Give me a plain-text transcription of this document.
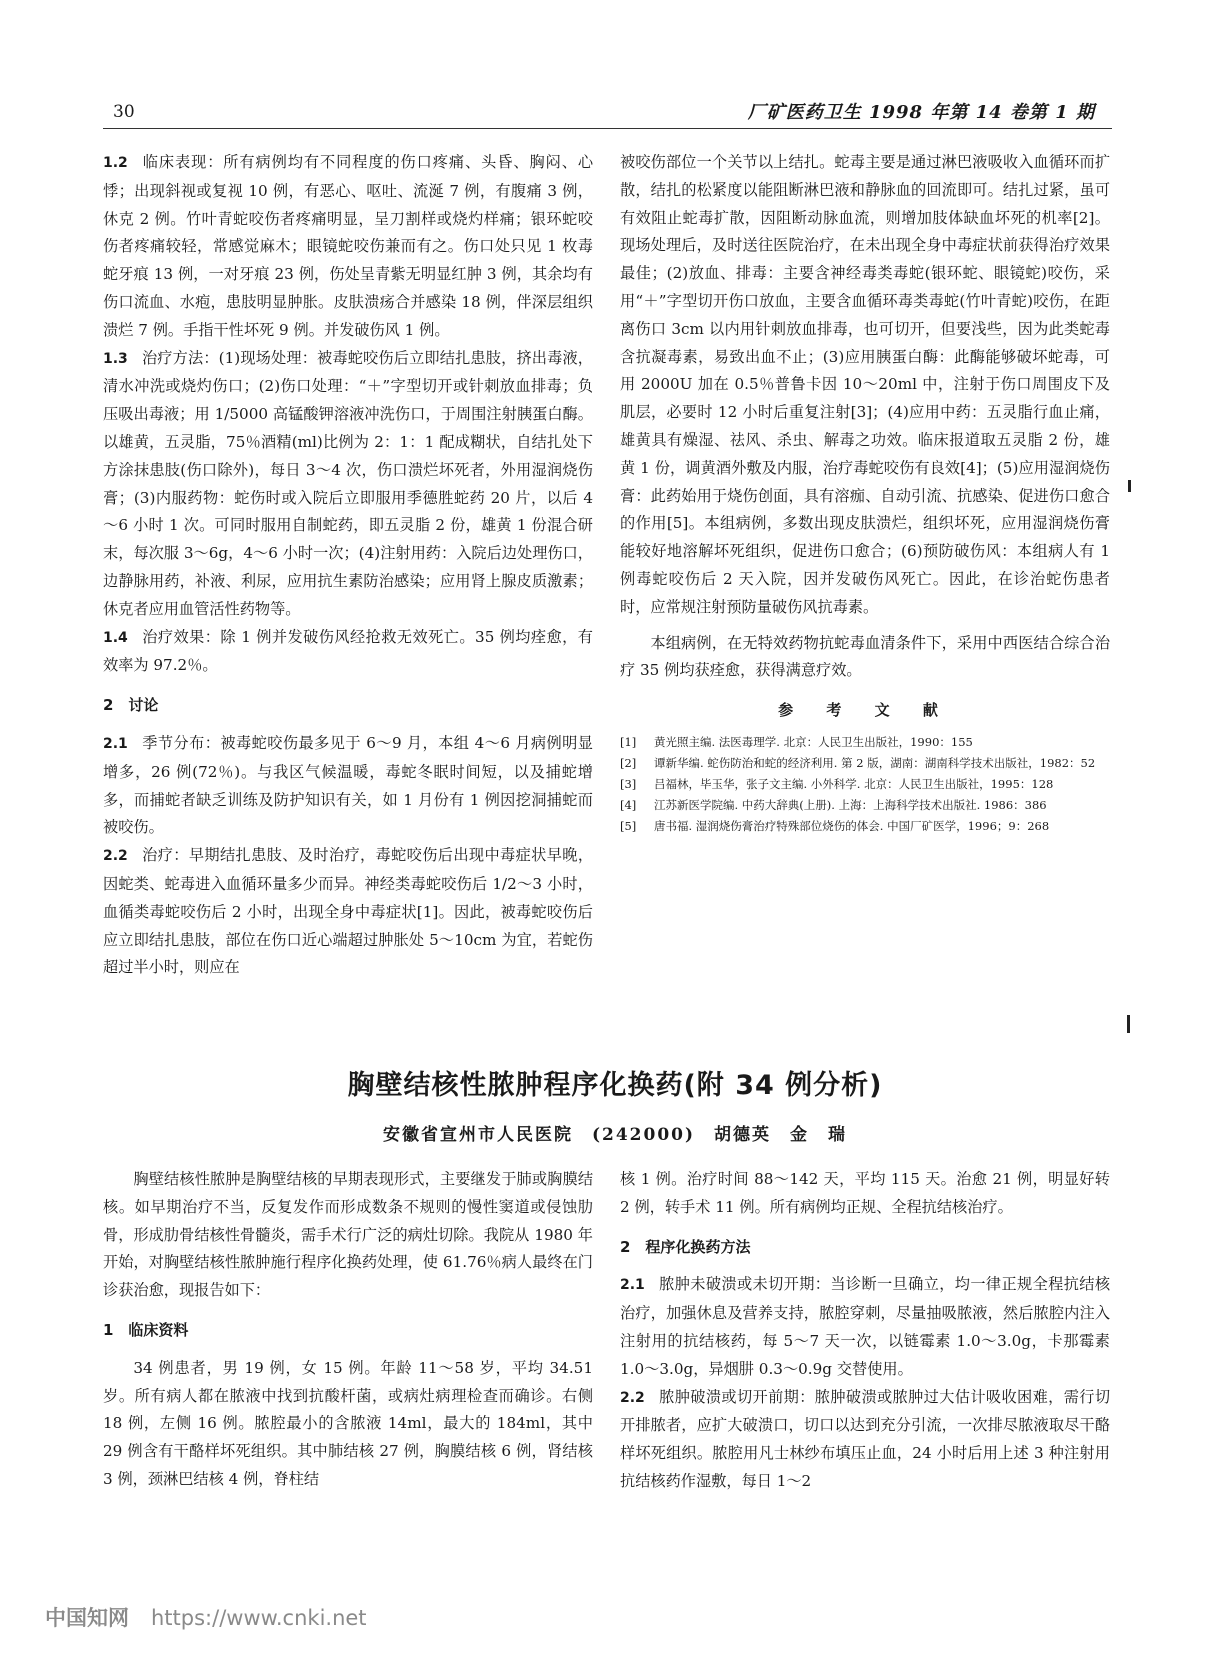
30	厂矿医药卫生 1998 年第 14 卷第 1 期

1.2 临床表现：所有病例均有不同程度的伤口疼痛、头昏、胸闷、心悸；出现斜视或复视 10 例，有恶心、呕吐、流涎 7 例，有腹痛 3 例，休克 2 例。竹叶青蛇咬伤者疼痛明显，呈刀割样或烧灼样痛；银环蛇咬伤者疼痛较轻，常感觉麻木；眼镜蛇咬伤兼而有之。伤口处只见 1 枚毒蛇牙痕 13 例，一对牙痕 23 例，伤处呈青紫无明显红肿 3 例，其余均有伤口流血、水疱，患肢明显肿胀。皮肤溃疡合并感染 18 例，伴深层组织溃烂 7 例。手指干性坏死 9 例。并发破伤风 1 例。

1.3 治疗方法：(1)现场处理：被毒蛇咬伤后立即结扎患肢，挤出毒液，清水冲洗或烧灼伤口；(2)伤口处理：“＋”字型切开或针刺放血排毒；负压吸出毒液；用 1/5000 高锰酸钾溶液冲洗伤口，于周围注射胰蛋白酶。以雄黄，五灵脂，75％酒精(ml)比例为 2：1：1 配成糊状，自结扎处下方涂抹患肢(伤口除外)，每日 3～4 次，伤口溃烂坏死者，外用湿润烧伤膏；(3)内服药物：蛇伤时或入院后立即服用季德胜蛇药 20 片，以后 4～6 小时 1 次。可同时服用自制蛇药，即五灵脂 2 份，雄黄 1 份混合研末，每次服 3～6g，4～6 小时一次；(4)注射用药：入院后边处理伤口，边静脉用药，补液、利尿，应用抗生素防治感染；应用肾上腺皮质激素；休克者应用血管活性药物等。

1.4 治疗效果：除 1 例并发破伤风经抢救无效死亡。35 例均痊愈，有效率为 97.2％。

2　讨论

2.1 季节分布：被毒蛇咬伤最多见于 6～9 月，本组 4～6 月病例明显增多，26 例(72％)。与我区气候温暖，毒蛇冬眠时间短，以及捕蛇增多，而捕蛇者缺乏训练及防护知识有关，如 1 月份有 1 例因挖洞捕蛇而被咬伤。

2.2 治疗：早期结扎患肢、及时治疗，毒蛇咬伤后出现中毒症状早晚，因蛇类、蛇毒进入血循环量多少而异。神经类毒蛇咬伤后 1/2～3 小时，血循类毒蛇咬伤后 2 小时，出现全身中毒症状[1]。因此，被毒蛇咬伤后应立即结扎患肢，部位在伤口近心端超过肿胀处 5～10cm 为宜，若蛇伤超过半小时，则应在

被咬伤部位一个关节以上结扎。蛇毒主要是通过淋巴液吸收入血循环而扩散，结扎的松紧度以能阻断淋巴液和静脉血的回流即可。结扎过紧，虽可有效阻止蛇毒扩散，因阻断动脉血流，则增加肢体缺血坏死的机率[2]。现场处理后，及时送往医院治疗，在未出现全身中毒症状前获得治疗效果最佳；(2)放血、排毒：主要含神经毒类毒蛇(银环蛇、眼镜蛇)咬伤，采用“＋”字型切开伤口放血，主要含血循环毒类毒蛇(竹叶青蛇)咬伤，在距离伤口 3cm 以内用针刺放血排毒，也可切开，但要浅些，因为此类蛇毒含抗凝毒素，易致出血不止；(3)应用胰蛋白酶：此酶能够破坏蛇毒，可用 2000U 加在 0.5％普鲁卡因 10～20ml 中，注射于伤口周围皮下及肌层，必要时 12 小时后重复注射[3]；(4)应用中药：五灵脂行血止痛，雄黄具有燥湿、祛风、杀虫、解毒之功效。临床报道取五灵脂 2 份，雄黄 1 份，调黄酒外敷及内服，治疗毒蛇咬伤有良效[4]；(5)应用湿润烧伤膏：此药始用于烧伤创面，具有溶痂、自动引流、抗感染、促进伤口愈合的作用[5]。本组病例，多数出现皮肤溃烂，组织坏死，应用湿润烧伤膏能较好地溶解坏死组织，促进伤口愈合；(6)预防破伤风：本组病人有 1 例毒蛇咬伤后 2 天入院，因并发破伤风死亡。因此，在诊治蛇伤患者时，应常规注射预防量破伤风抗毒素。

本组病例，在无特效药物抗蛇毒血清条件下，采用中西医结合综合治疗 35 例均获痊愈，获得满意疗效。

参 考 文 献
[1]	黄光照主编. 法医毒理学. 北京：人民卫生出版社，1990：155
[2]	谭新华编. 蛇伤防治和蛇的经济利用. 第 2 版，湖南：湖南科学技术出版社，1982：52
[3]	吕福林，毕玉华，张子文主编. 小外科学. 北京：人民卫生出版社，1995：128
[4]	江苏新医学院编. 中药大辞典(上册). 上海：上海科学技术出版社. 1986：386
[5]	唐书福. 湿润烧伤膏治疗特殊部位烧伤的体会. 中国厂矿医学，1996；9：268
胸壁结核性脓肿程序化换药(附 34 例分析)
安徽省宣州市人民医院　(242000)　胡德英　金　瑞

胸壁结核性脓肿是胸壁结核的早期表现形式，主要继发于肺或胸膜结核。如早期治疗不当，反复发作而形成数条不规则的慢性窦道或侵蚀肋骨，形成肋骨结核性骨髓炎，需手术行广泛的病灶切除。我院从 1980 年开始，对胸壁结核性脓肿施行程序化换药处理，使 61.76％病人最终在门诊获治愈，现报告如下：

1　临床资料

34 例患者，男 19 例，女 15 例。年龄 11～58 岁，平均 34.51 岁。所有病人都在脓液中找到抗酸杆菌，或病灶病理检查而确诊。右侧 18 例，左侧 16 例。脓腔最小的含脓液 14ml，最大的 184ml，其中 29 例含有干酪样坏死组织。其中肺结核 27 例，胸膜结核 6 例，肾结核 3 例，颈淋巴结核 4 例，脊柱结

核 1 例。治疗时间 88～142 天，平均 115 天。治愈 21 例，明显好转 2 例，转手术 11 例。所有病例均正规、全程抗结核治疗。

2　程序化换药方法

2.1 脓肿未破溃或未切开期：当诊断一旦确立，均一律正规全程抗结核治疗，加强休息及营养支持，脓腔穿刺，尽量抽吸脓液，然后脓腔内注入注射用的抗结核药，每 5～7 天一次，以链霉素 1.0～3.0g，卡那霉素 1.0～3.0g，异烟肼 0.3～0.9g 交替使用。

2.2 脓肿破溃或切开前期：脓肿破溃或脓肿过大估计吸收困难，需行切开排脓者，应扩大破溃口，切口以达到充分引流，一次排尽脓液取尽干酪样坏死组织。脓腔用凡士林纱布填压止血，24 小时后用上述 3 种注射用抗结核药作湿敷，每日 1～2

中国知网 https://www.cnki.net
